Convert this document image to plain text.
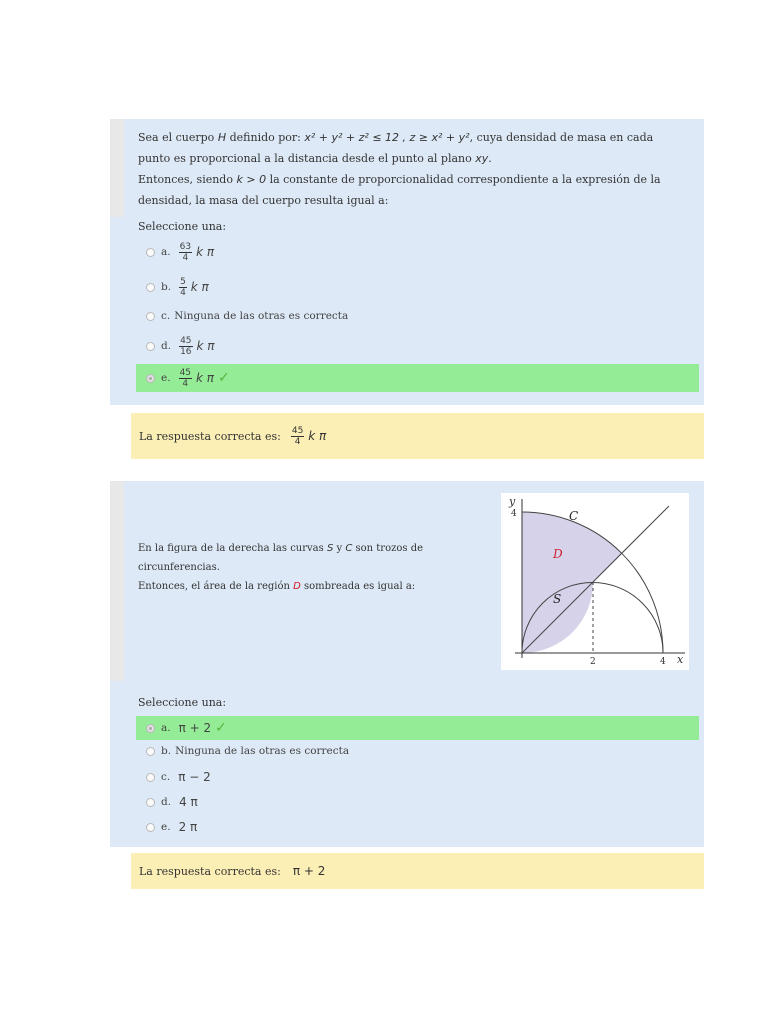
Sea el cuerpo H definido por: x² + y² + z² ≤ 12 , z ≥ x² + y², cuya densidad de masa en cada
punto es proporcional a la distancia desde el punto al plano xy.
Entonces, siendo k > 0 la constante de proporcionalidad correspondiente a la expresión de la
densidad, la masa del cuerpo resulta igual a:
Seleccione una:
a. $\frac{63}{4}$ k π
b. $\frac{5}{4}$ k π
c. Ninguna de las otras es correcta
d. $\frac{45}{16}$ k π
e. $\frac{45}{4}$ k π ✓
La respuesta correcta es: $\frac{45}{4}$ k π
En la figura de la derecha las curvas S y C son trozos de
circunferencias.
Entonces, el área de la región D sombreada es igual a:
Seleccione una:
y
4
2	4 x
C
D
S
a. π + 2 ✓
b. Ninguna de las otras es correcta
c. π − 2
d. 4 π
e. 2 π
La respuesta correcta es: π + 2
